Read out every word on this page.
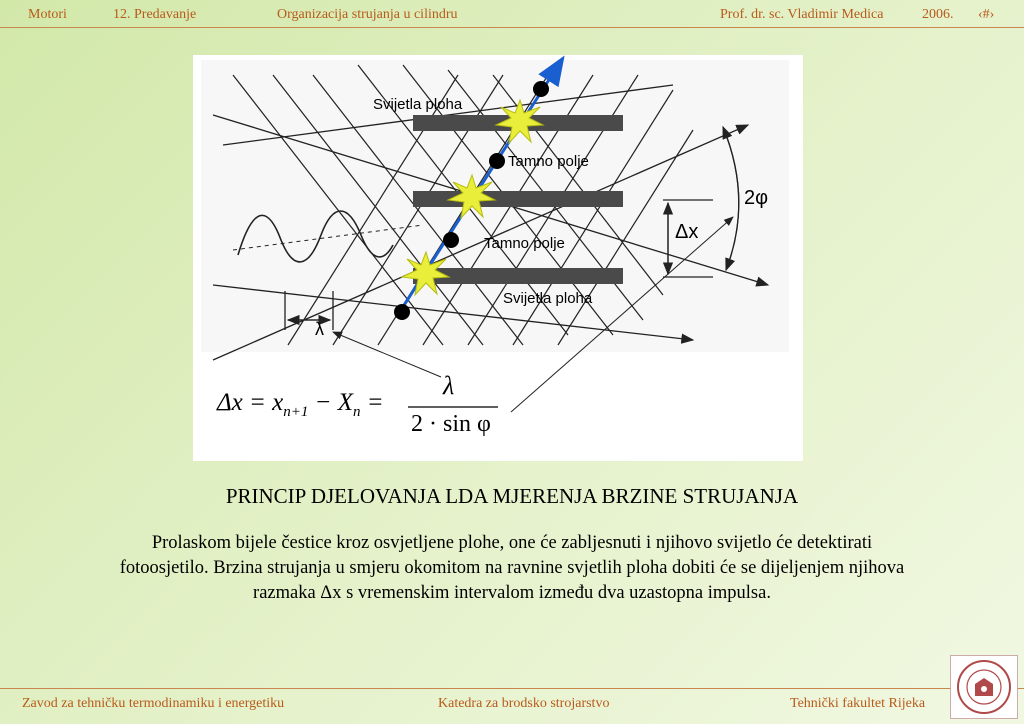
Motori	12. Predavanje	Organizacija strujanja u cilindru	Prof. dr. sc. Vladimir Medica	2006. ‹#›
Svijetla ploha
Tamno polje
Tamno polje
Svijetla ploha
Δx
2φ
λ
$\Delta x = x_{n+1} - X_n$ =
λ
2 · sin φ
PRINCIP DJELOVANJA LDA MJERENJA BRZINE STRUJANJA
Prolaskom bijele čestice kroz osvjetljene plohe, one će zabljesnuti i njihovo svijetlo će detektirati fotoosjetilo. Brzina strujanja u smjeru okomitom na ravnine svjetlih ploha dobiti će se dijeljenjem njihova razmaka Δx s vremenskim intervalom između dva uzastopna impulsa.
Zavod za tehničku termodinamiku i energetiku	Katedra za brodsko strojarstvo	Tehnički fakultet Rijeka
